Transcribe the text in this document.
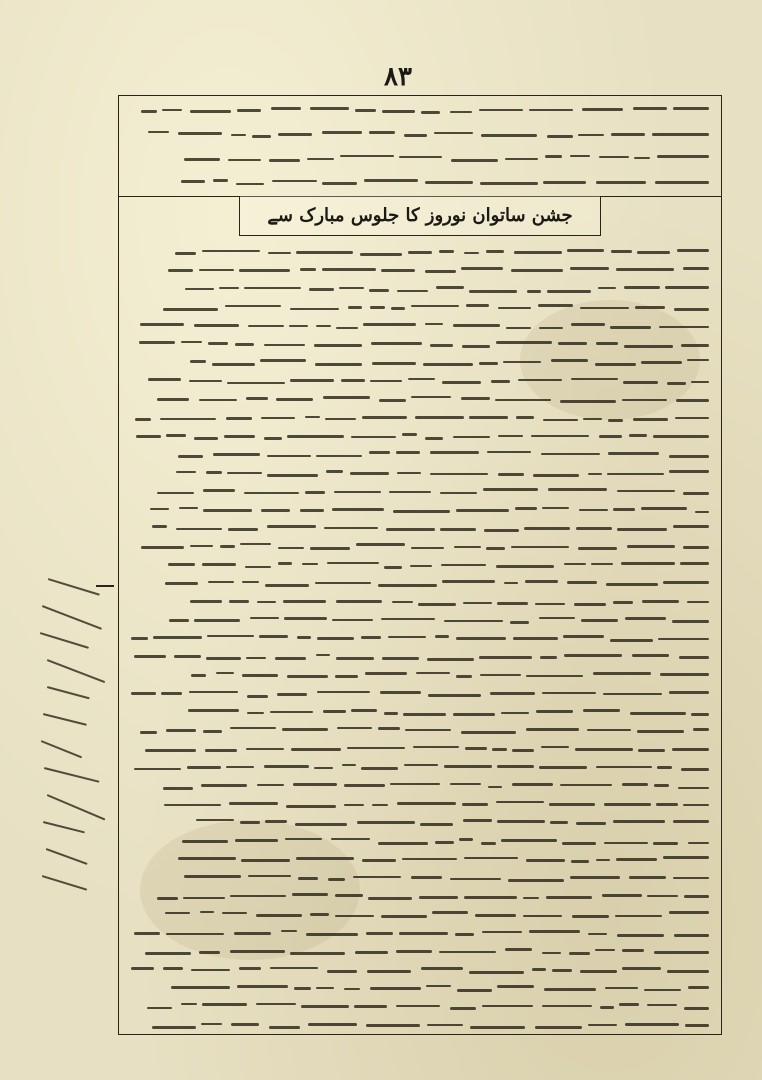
۸۳
جشن ساتوان نوروز کا جلوس مبارک سے
